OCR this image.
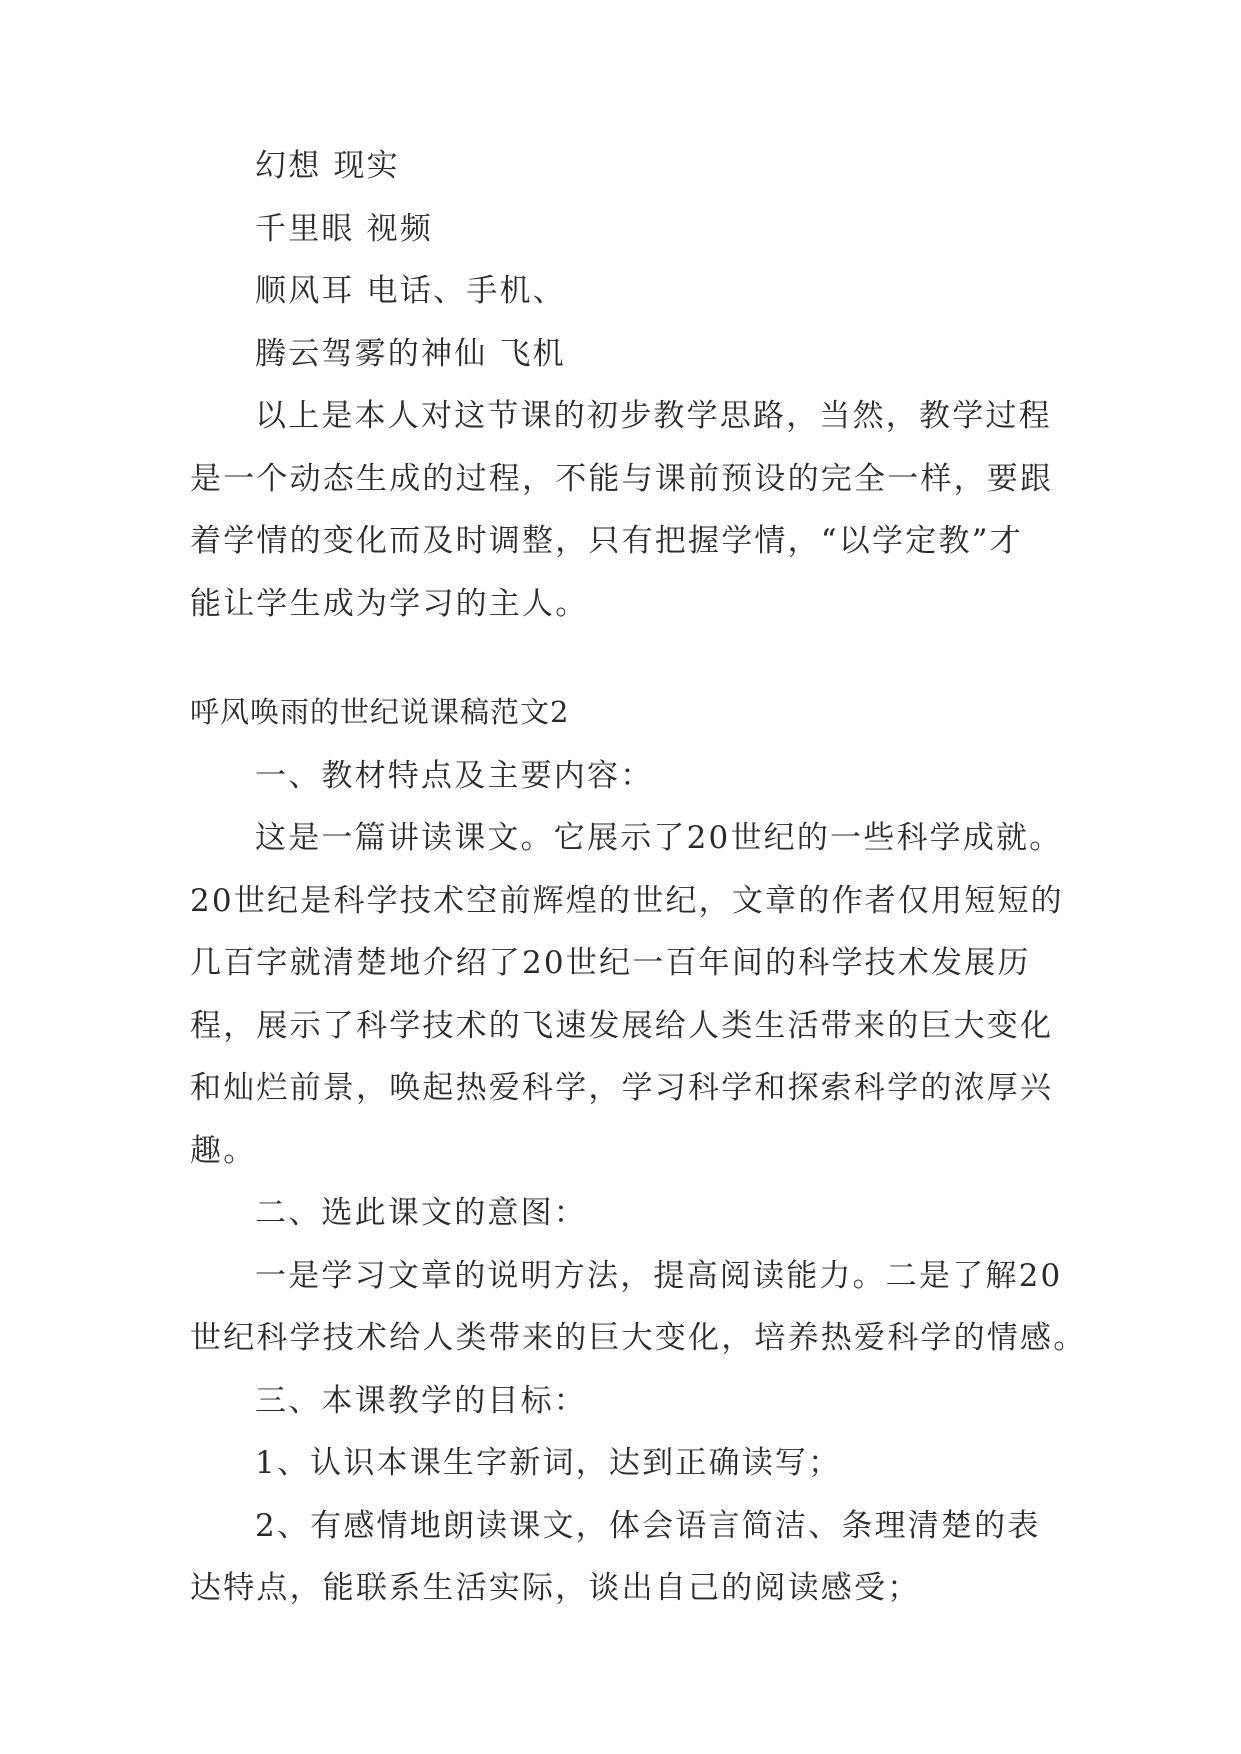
幻想 现实
千里眼 视频
顺风耳 电话、手机、
腾云驾雾的神仙 飞机
以上是本人对这节课的初步教学思路，当然，教学过程
是一个动态生成的过程，不能与课前预设的完全一样，要跟
着学情的变化而及时调整，只有把握学情，“以学定教”才
能让学生成为学习的主人。
呼风唤雨的世纪说课稿范文2
一、教材特点及主要内容：
这是一篇讲读课文。它展示了20世纪的一些科学成就。
20世纪是科学技术空前辉煌的世纪，文章的作者仅用短短的
几百字就清楚地介绍了20世纪一百年间的科学技术发展历
程，展示了科学技术的飞速发展给人类生活带来的巨大变化
和灿烂前景，唤起热爱科学，学习科学和探索科学的浓厚兴
趣。
二、选此课文的意图：
一是学习文章的说明方法，提高阅读能力。二是了解20
世纪科学技术给人类带来的巨大变化，培养热爱科学的情感。
三、本课教学的目标：
1、认识本课生字新词，达到正确读写；
2、有感情地朗读课文，体会语言简洁、条理清楚的表
达特点，能联系生活实际，谈出自己的阅读感受；
